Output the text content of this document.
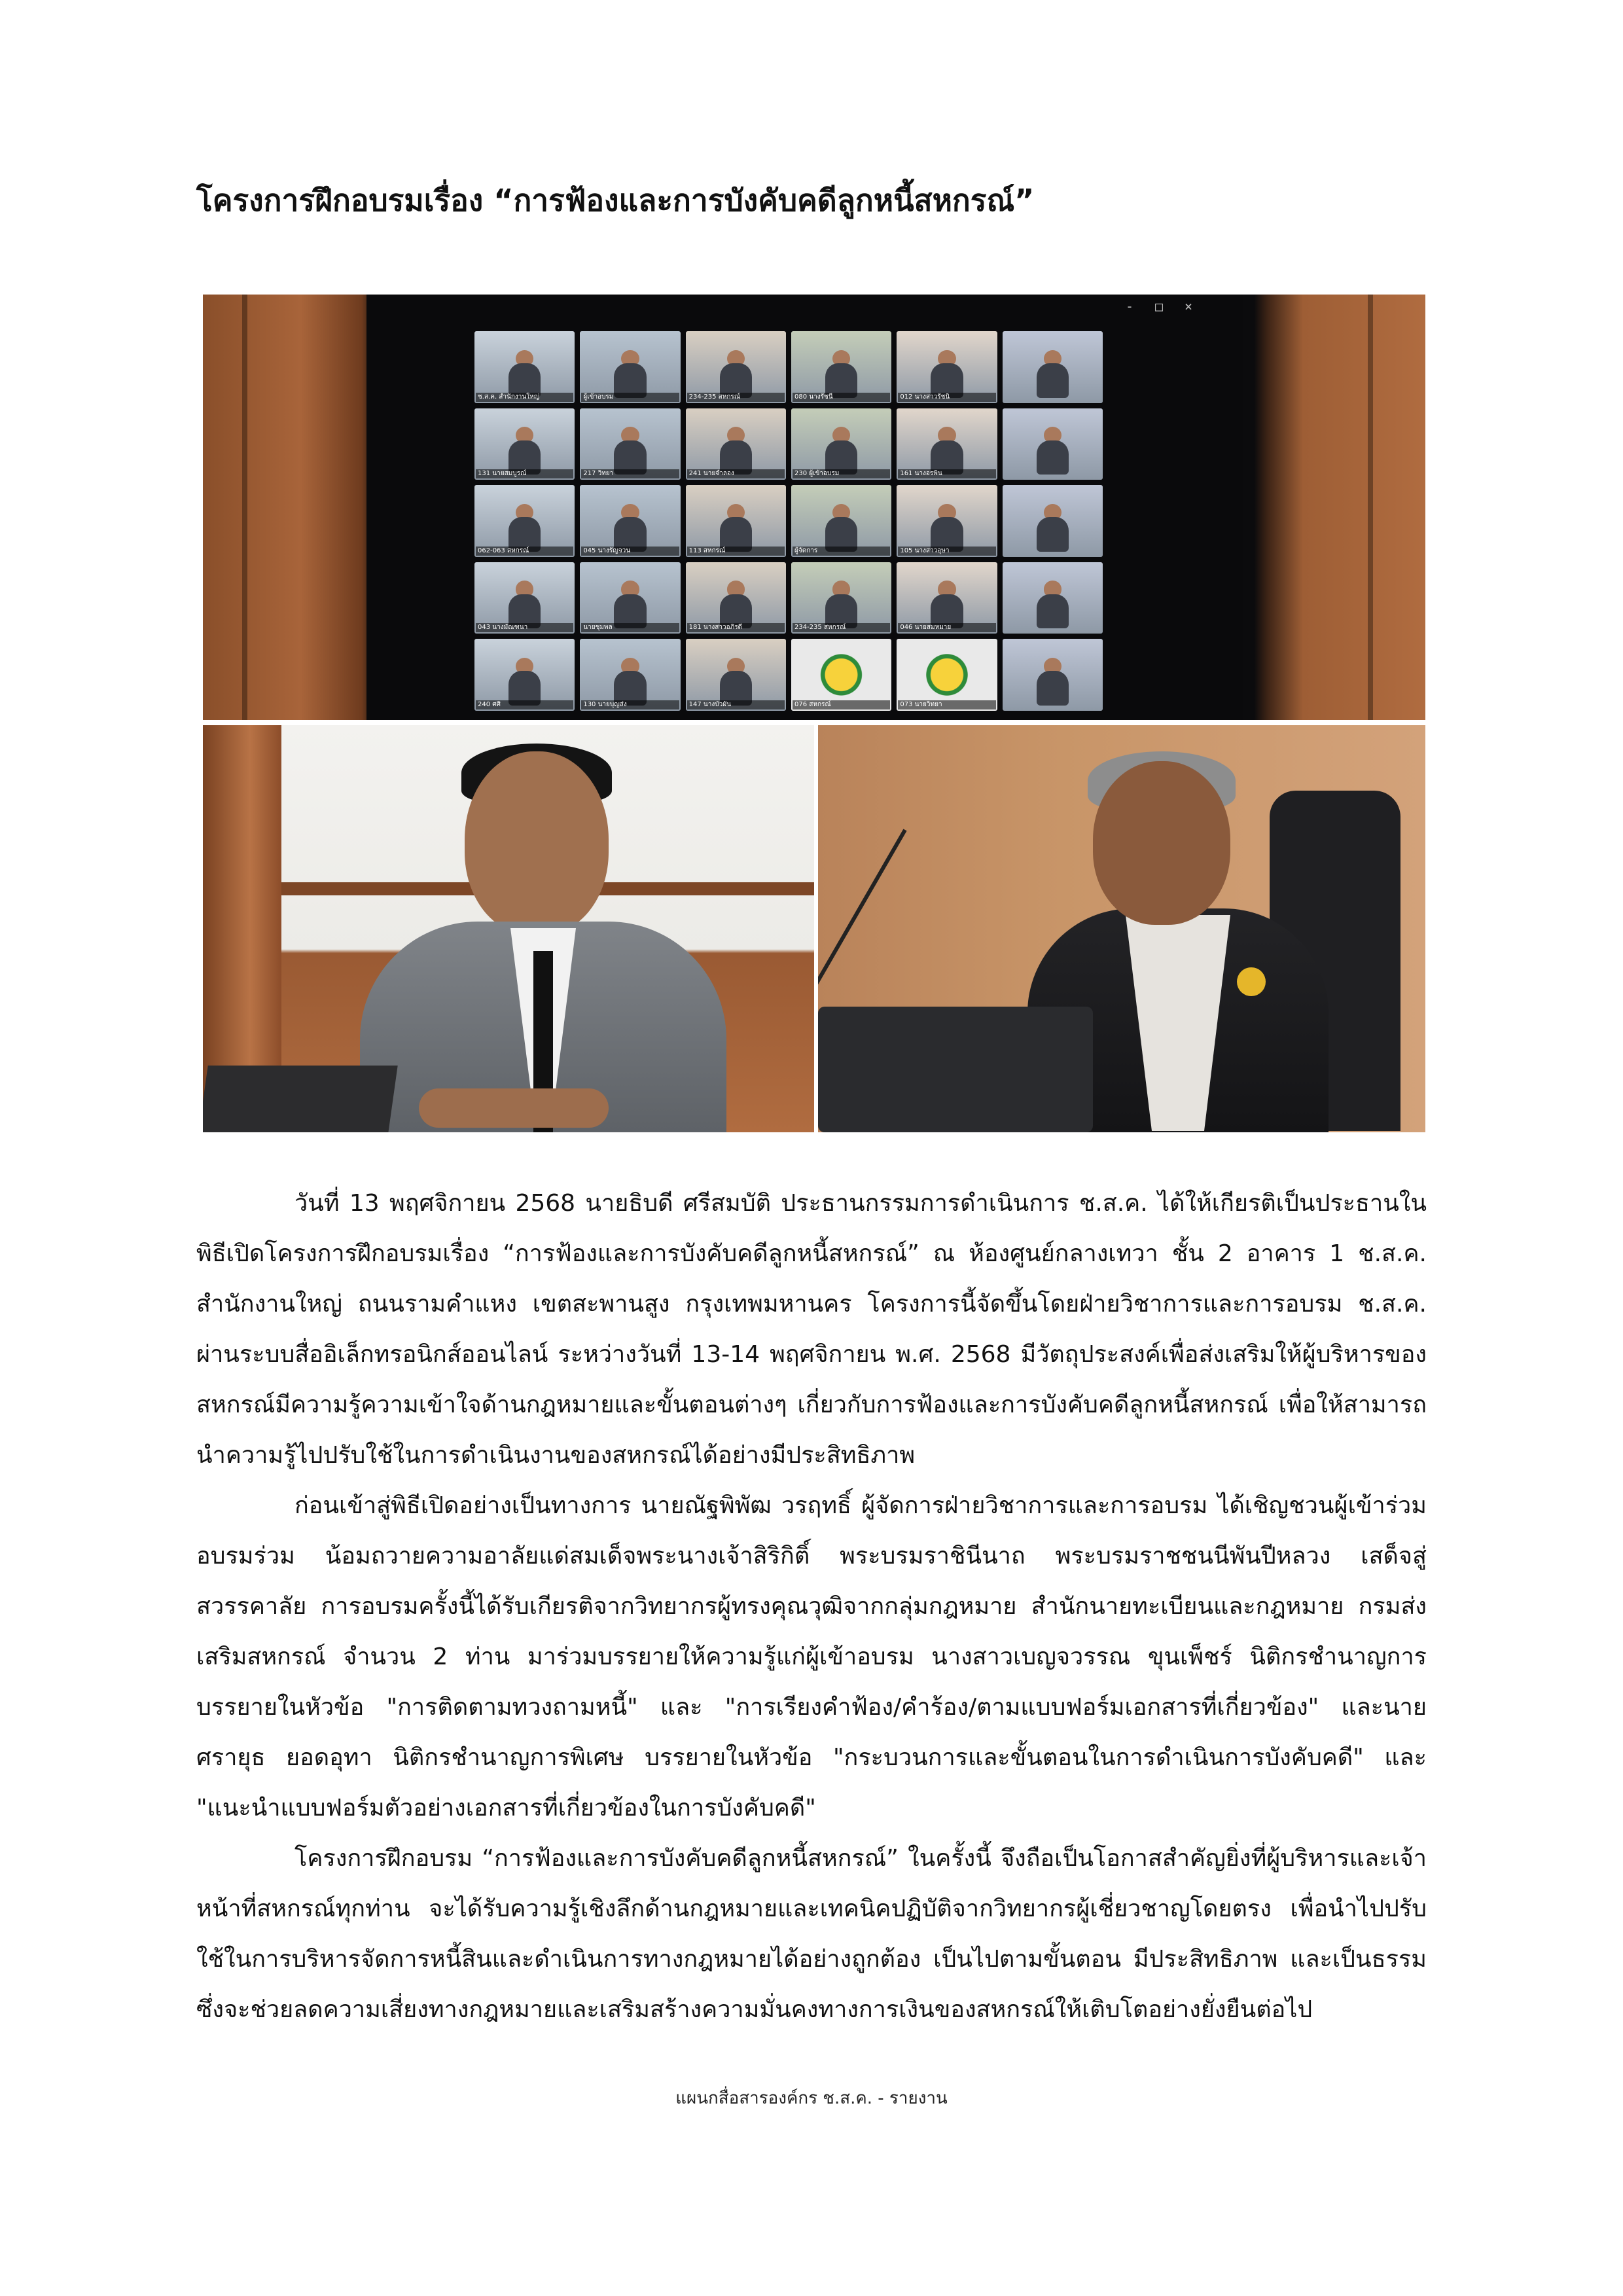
โครงการฝึกอบรมเรื่อง “การฟ้องและการบังคับคดีลูกหนี้สหกรณ์”
- □ ×
ช.ส.ค. สำนักงานใหญ่	ผู้เข้าอบรม	234-235 สหกรณ์	080 นางรัชนี	012 นางสาวรัชนิ
131 นายสมบูรณ์	217 วิทยา	241 นายจำลอง	230 ผู้เข้าอบรม	161 นางอรพิน
062-063 สหกรณ์	045 นางรัญจวน	113 สหกรณ์	ผู้จัดการ	105 นางสาวอุษา
043 นางมัณฑนา	นายชุมพล	181 นางสาวอภิรดี	234-235 สหกรณ์	046 นายสมหมาย
240 ศศิ	130 นายบุญส่ง	147 นางบัวผัน	076 สหกรณ์	073 นายวิทยา

วันที่ 13 พฤศจิกายน 2568 นายธิบดี ศรีสมบัติ ประธานกรรมการดำเนินการ ช.ส.ค. ได้ให้เกียรติเป็นประธานในพิธีเปิดโครงการฝึกอบรมเรื่อง “การฟ้องและการบังคับคดีลูกหนี้สหกรณ์” ณ ห้องศูนย์กลางเทวา ชั้น 2 อาคาร 1 ช.ส.ค. สำนักงานใหญ่ ถนนรามคำแหง เขตสะพานสูง กรุงเทพมหานคร โครงการนี้จัดขึ้นโดยฝ่ายวิชาการและการอบรม ช.ส.ค. ผ่านระบบสื่ออิเล็กทรอนิกส์ออนไลน์ ระหว่างวันที่ 13-14 พฤศจิกายน พ.ศ. 2568 มีวัตถุประสงค์เพื่อส่งเสริมให้ผู้บริหารของสหกรณ์มีความรู้ความเข้าใจด้านกฎหมายและขั้นตอนต่างๆ เกี่ยวกับการฟ้องและการบังคับคดีลูกหนี้สหกรณ์ เพื่อให้สามารถนำความรู้ไปปรับใช้ในการดำเนินงานของสหกรณ์ได้อย่างมีประสิทธิภาพ

ก่อนเข้าสู่พิธีเปิดอย่างเป็นทางการ นายณัฐพิพัฒ วรฤทธิ์ ผู้จัดการฝ่ายวิชาการและการอบรม ได้เชิญชวนผู้เข้าร่วมอบรมร่วม น้อมถวายความอาลัยแด่สมเด็จพระนางเจ้าสิริกิติ์ พระบรมราชินีนาถ พระบรมราชชนนีพันปีหลวง เสด็จสู่สวรรคาลัย การอบรมครั้งนี้ได้รับเกียรติจากวิทยากรผู้ทรงคุณวุฒิจากกลุ่มกฎหมาย สำนักนายทะเบียนและกฎหมาย กรมส่งเสริมสหกรณ์ จำนวน 2 ท่าน มาร่วมบรรยายให้ความรู้แก่ผู้เข้าอบรม นางสาวเบญจวรรณ ขุนเพ็ชร์ นิติกรชำนาญการ บรรยายในหัวข้อ "การติดตามทวงถามหนี้" และ "การเรียงคำฟ้อง/คำร้อง/ตามแบบฟอร์มเอกสารที่เกี่ยวข้อง" และนายศรายุธ ยอดอุทา นิติกรชำนาญการพิเศษ บรรยายในหัวข้อ "กระบวนการและขั้นตอนในการดำเนินการบังคับคดี" และ "แนะนำแบบฟอร์มตัวอย่างเอกสารที่เกี่ยวข้องในการบังคับคดี"

โครงการฝึกอบรม “การฟ้องและการบังคับคดีลูกหนี้สหกรณ์” ในครั้งนี้ จึงถือเป็นโอกาสสำคัญยิ่งที่ผู้บริหารและเจ้าหน้าที่สหกรณ์ทุกท่าน จะได้รับความรู้เชิงลึกด้านกฎหมายและเทคนิคปฏิบัติจากวิทยากรผู้เชี่ยวชาญโดยตรง เพื่อนำไปปรับใช้ในการบริหารจัดการหนี้สินและดำเนินการทางกฎหมายได้อย่างถูกต้อง เป็นไปตามขั้นตอน มีประสิทธิภาพ และเป็นธรรม ซึ่งจะช่วยลดความเสี่ยงทางกฎหมายและเสริมสร้างความมั่นคงทางการเงินของสหกรณ์ให้เติบโตอย่างยั่งยืนต่อไป

แผนกสื่อสารองค์กร ช.ส.ค. - รายงาน
